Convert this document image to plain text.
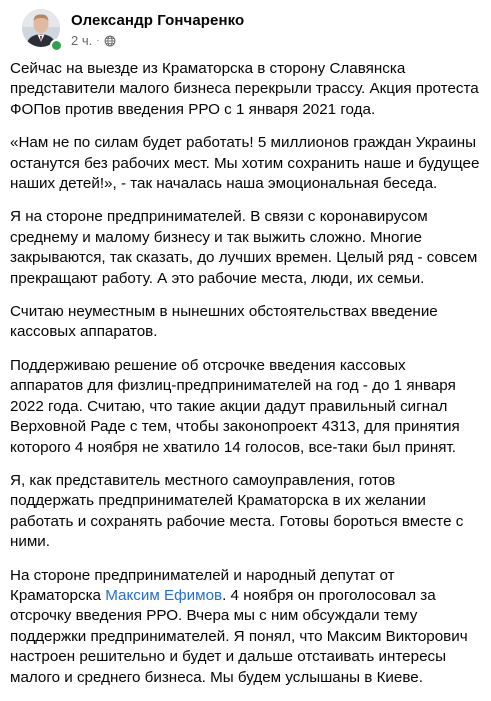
Олександр Гончаренко
2 ч. ·

Сейчас на выезде из Краматорска в сторону Славянска представители малого бизнеса перекрыли трассу. Акция протеста ФОПов против введения РРО с 1 января 2021 года.

«Нам не по силам будет работать! 5 миллионов граждан Украины останутся без рабочих мест. Мы хотим сохранить наше и будущее наших детей!», - так началась наша эмоциональная беседа.

Я на стороне предпринимателей. В связи с коронавирусом среднему и малому бизнесу и так выжить сложно. Многие закрываются, так сказать, до лучших времен. Целый ряд - совсем прекращают работу. А это рабочие места, люди, их семьи.

Считаю неуместным в нынешних обстоятельствах введение кассовых аппаратов.

Поддерживаю решение об отсрочке введения кассовых аппаратов для физлиц-предпринимателей на год - до 1 января 2022 года. Считаю, что такие акции дадут правильный сигнал Верховной Раде с тем, чтобы законопроект 4313, для принятия которого 4 ноября не хватило 14 голосов, все-таки был принят.

Я, как представитель местного самоуправления, готов поддержать предпринимателей Краматорска в их желании работать и сохранять рабочие места. Готовы бороться вместе с ними.

На стороне предпринимателей и народный депутат от Краматорска Максим Ефимов. 4 ноября он проголосовал за отсрочку введения РРО. Вчера мы с ним обсуждали тему поддержки предпринимателей. Я понял, что Максим Викторович настроен решительно и будет и дальше отстаивать интересы малого и среднего бизнеса. Мы будем услышаны в Киеве.
